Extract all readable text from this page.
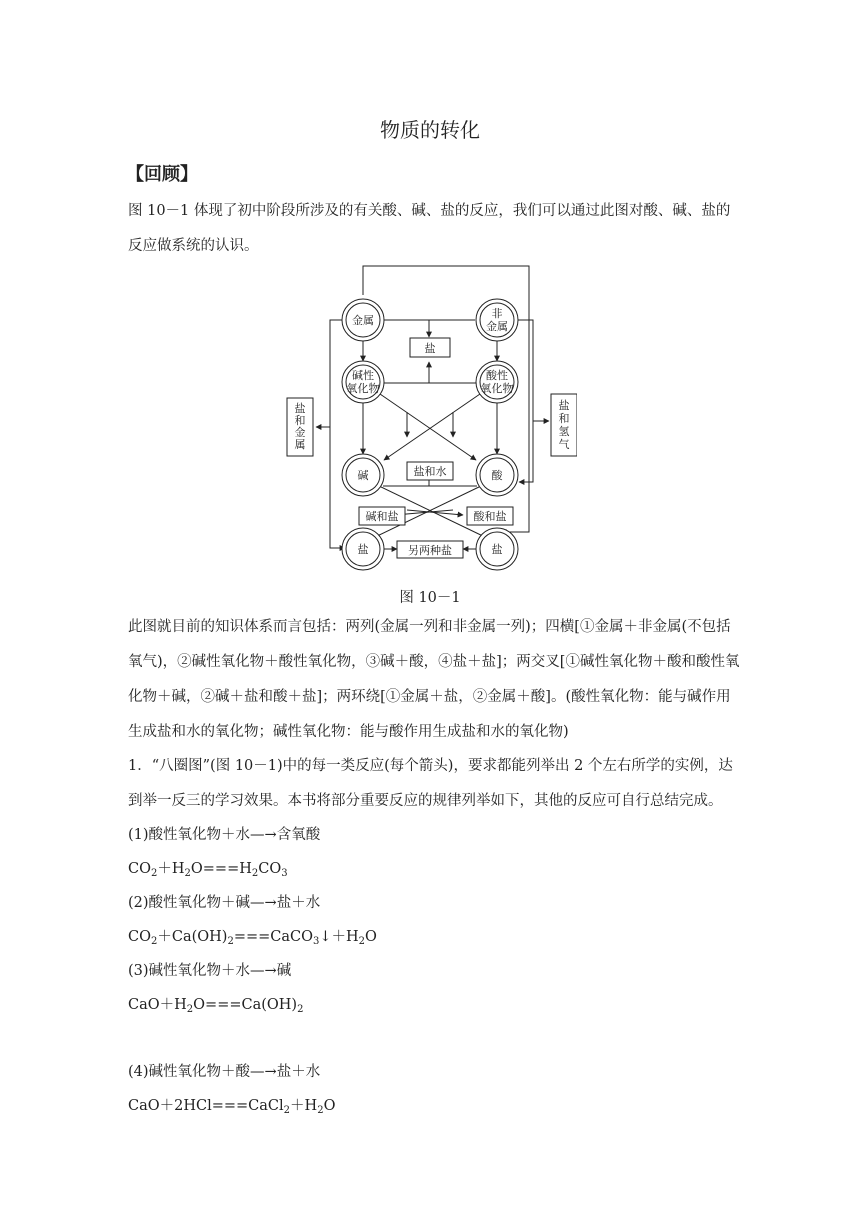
物质的转化
【回顾】
图 10－1 体现了初中阶段所涉及的有关酸、碱、盐的反应，我们可以通过此图对酸、碱、盐的反应做系统的认识。
金属
非
金属
碱性
氧化物
酸性
氧化物
碱	酸
盐	盐
盐
盐和水
碱和盐	酸和盐
另两种盐
盐
和
金
属
盐
和
氢
气
图 10－1
此图就目前的知识体系而言包括：两列(金属一列和非金属一列)；四横[①金属＋非金属(不包括氧气)，②碱性氧化物＋酸性氧化物，③碱＋酸，④盐＋盐]；两交叉[①碱性氧化物＋酸和酸性氧化物＋碱，②碱＋盐和酸＋盐]；两环绕[①金属＋盐，②金属＋酸]。(酸性氧化物：能与碱作用生成盐和水的氧化物；碱性氧化物：能与酸作用生成盐和水的氧化物)
1．“八圈图”(图 10－1)中的每一类反应(每个箭头)，要求都能列举出 2 个左右所学的实例，达到举一反三的学习效果。本书将部分重要反应的规律列举如下，其他的反应可自行总结完成。
(1)酸性氧化物＋水—→含氧酸
$CO_2+H_2O===H_2CO_3$
(2)酸性氧化物＋碱—→盐＋水
$CO_2+Ca(OH)_2===CaCO_3↓+H_2O$
(3)碱性氧化物＋水—→碱
$CaO+H_2O===Ca(OH)_2$
(4)碱性氧化物＋酸—→盐＋水
$CaO+2HCl===CaCl_2+H_2O$
